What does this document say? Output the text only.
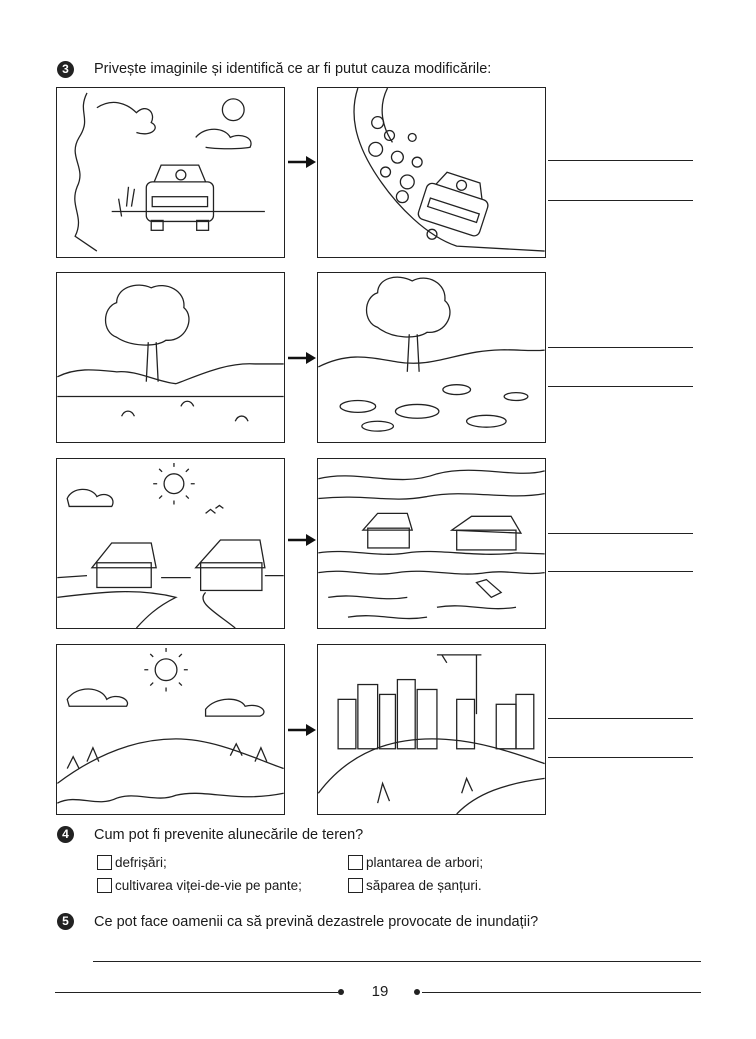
3	Privește imaginile și identifică ce ar fi putut cauza modificările:
4	Cum pot fi prevenite alunecările de teren?
defrișări;	plantarea de arbori;
cultivarea viței-de-vie pe pante;	săparea de șanțuri.
5	Ce pot face oamenii ca să prevină dezastrele provocate de inundații?
19
